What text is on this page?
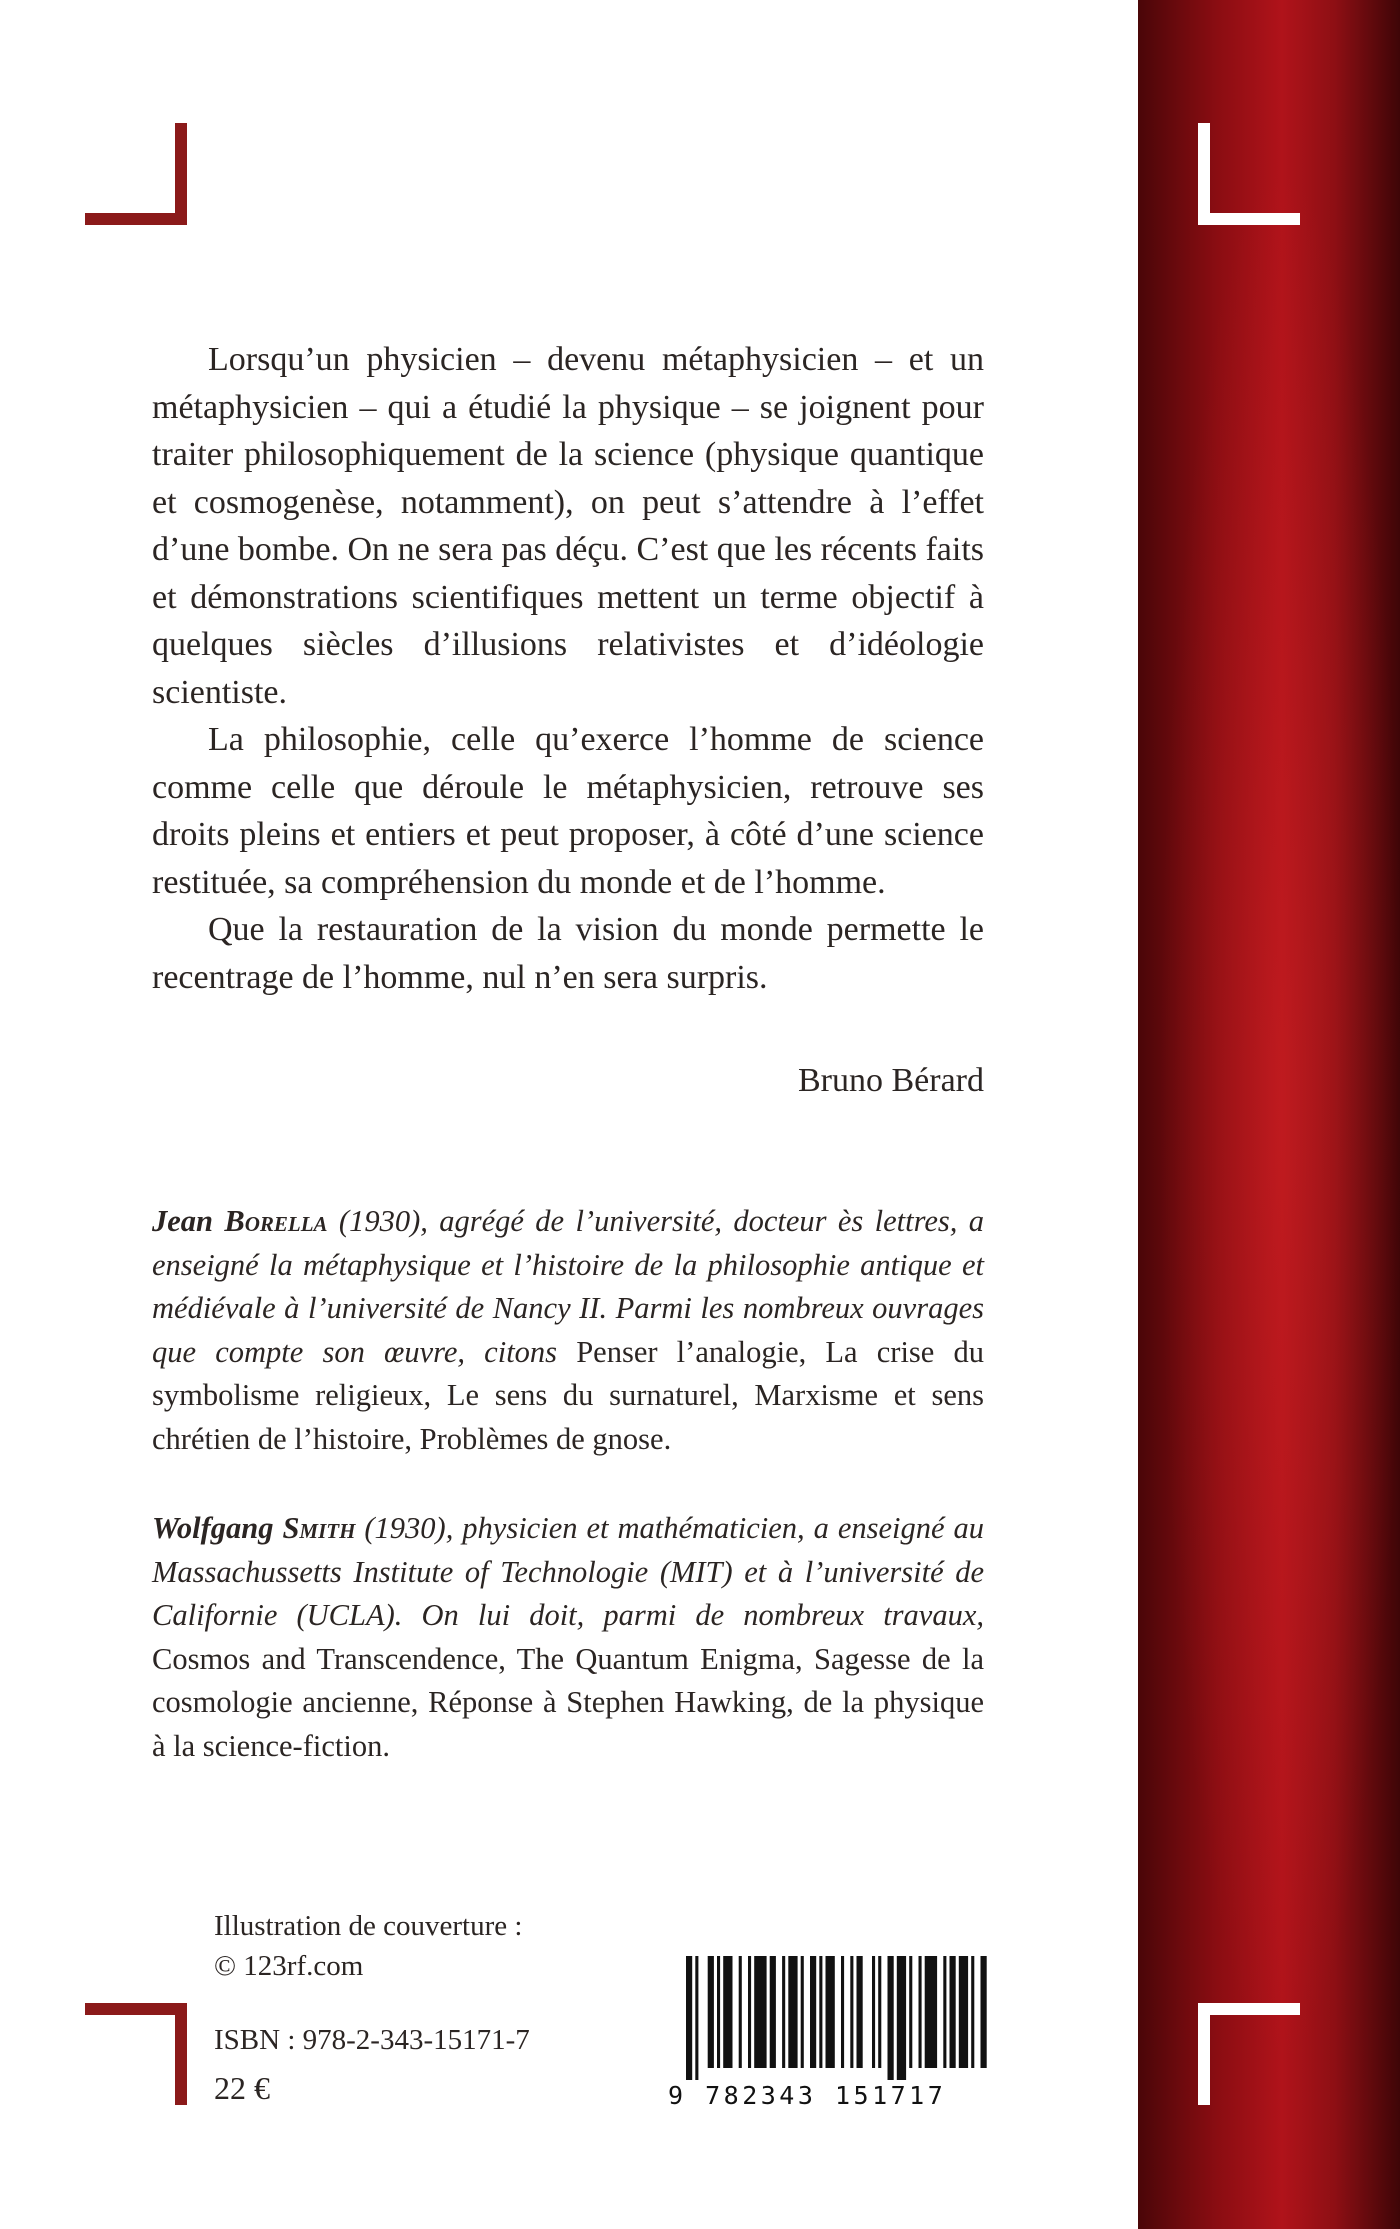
Lorsqu’un physicien – devenu métaphysicien – et un métaphysicien – qui a étudié la physique – se joignent pour traiter philosophiquement de la science (physique quantique et cosmogenèse, notamment), on peut s’attendre à l’effet d’une bombe. On ne sera pas déçu. C’est que les récents faits et démonstrations scientifiques mettent un terme objectif à quelques siècles d’illusions relativistes et d’idéologie scientiste.

La philosophie, celle qu’exerce l’homme de science comme celle que déroule le métaphysicien, retrouve ses droits pleins et entiers et peut proposer, à côté d’une science restituée, sa compréhension du monde et de l’homme.

Que la restauration de la vision du monde permette le recentrage de l’homme, nul n’en sera surpris.

Bruno Bérard

Jean Borella (1930), agrégé de l’université, docteur ès lettres, a enseigné la métaphysique et l’histoire de la philosophie antique et médiévale à l’université de Nancy II. Parmi les nombreux ouvrages que compte son œuvre, citons Penser l’analogie, La crise du symbolisme religieux, Le sens du surnaturel, Marxisme et sens chrétien de l’histoire, Problèmes de gnose.

Wolfgang Smith (1930), physicien et mathématicien, a enseigné au Massachussetts Institute of Technologie (MIT) et à l’université de Californie (UCLA). On lui doit, parmi de nombreux travaux, Cosmos and Transcendence, The Quantum Enigma, Sagesse de la cosmologie ancienne, Réponse à Stephen Hawking, de la physique à la science-fiction.

Illustration de couverture :
© 123rf.com
ISBN : 978-2-343-15171-7
22 €	9 782343 151717
